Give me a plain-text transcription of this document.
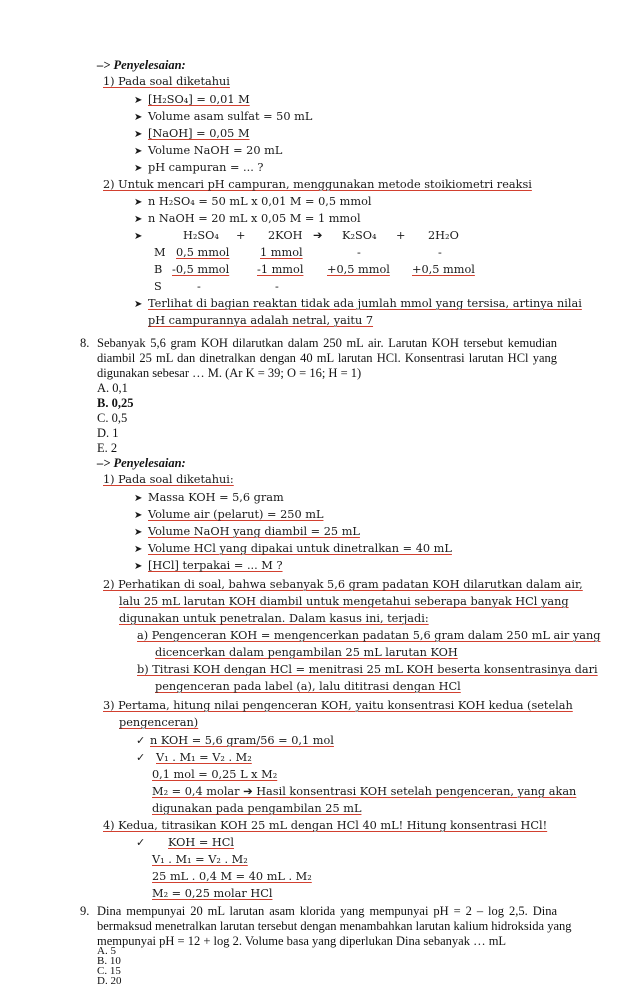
–> Penyelesaian:
1) Pada soal diketahui
➤ [H₂SO₄] = 0,01 M
➤ Volume asam sulfat = 50 mL
➤ [NaOH] = 0,05 M
➤ Volume NaOH = 20 mL
➤ pH campuran = ... ?
2) Untuk mencari pH campuran, menggunakan metode stoikiometri reaksi
➤ n H₂SO₄ = 50 mL x 0,01 M = 0,5 mmol
➤ n NaOH = 20 mL x 0,05 M = 1 mmol
➤	H₂SO₄ + 2KOH ➔ K₂SO₄ + 2H₂O
M 0,5 mmol	1 mmol	-	-
B -0,5 mmol -1 mmol +0,5 mmol +0,5 mmol
S	-	-
➤ Terlihat di bagian reaktan tidak ada jumlah mmol yang tersisa, artinya nilai
pH campurannya adalah netral, yaitu 7
8. Sebanyak 5,6 gram KOH dilarutkan dalam 250 mL air. Larutan KOH tersebut kemudian
diambil 25 mL dan dinetralkan dengan 40 mL larutan HCl. Konsentrasi larutan HCl yang
digunakan sebesar … M. (Ar K = 39; O = 16; H = 1)
A. 0,1
B. 0,25
C. 0,5
D. 1
E. 2
–> Penyelesaian:
1) Pada soal diketahui:
➤ Massa KOH = 5,6 gram
➤ Volume air (pelarut) = 250 mL
➤ Volume NaOH yang diambil = 25 mL
➤ Volume HCl yang dipakai untuk dinetralkan = 40 mL
➤ [HCl] terpakai = ... M ?
2) Perhatikan di soal, bahwa sebanyak 5,6 gram padatan KOH dilarutkan dalam air,
lalu 25 mL larutan KOH diambil untuk mengetahui seberapa banyak HCl yang
digunakan untuk penetralan. Dalam kasus ini, terjadi:
a) Pengenceran KOH = mengencerkan padatan 5,6 gram dalam 250 mL air yang
dicencerkan dalam pengambilan 25 mL larutan KOH
b) Titrasi KOH dengan HCl = menitrasi 25 mL KOH beserta konsentrasinya dari
pengenceran pada label (a), lalu dititrasi dengan HCl
3) Pertama, hitung nilai pengenceran KOH, yaitu konsentrasi KOH kedua (setelah
pengenceran)
✓ n KOH = 5,6 gram/56 = 0,1 mol
✓ V₁ . M₁ = V₂ . M₂
0,1 mol = 0,25 L x M₂
M₂ = 0,4 molar ➔ Hasil konsentrasi KOH setelah pengenceran, yang akan
digunakan pada pengambilan 25 mL
4) Kedua, titrasikan KOH 25 mL dengan HCl 40 mL! Hitung konsentrasi HCl!
✓ KOH = HCl
V₁ . M₁ = V₂ . M₂
25 mL . 0,4 M = 40 mL . M₂
M₂ = 0,25 molar HCl
9. Dina mempunyai 20 mL larutan asam klorida yang mempunyai pH = 2 – log 2,5. Dina
bermaksud menetralkan larutan tersebut dengan menambahkan larutan kalium hidroksida yang
mempunyai pH = 12 + log 2. Volume basa yang diperlukan Dina sebanyak … mL
A. 5
B. 10
C. 15
D. 20
